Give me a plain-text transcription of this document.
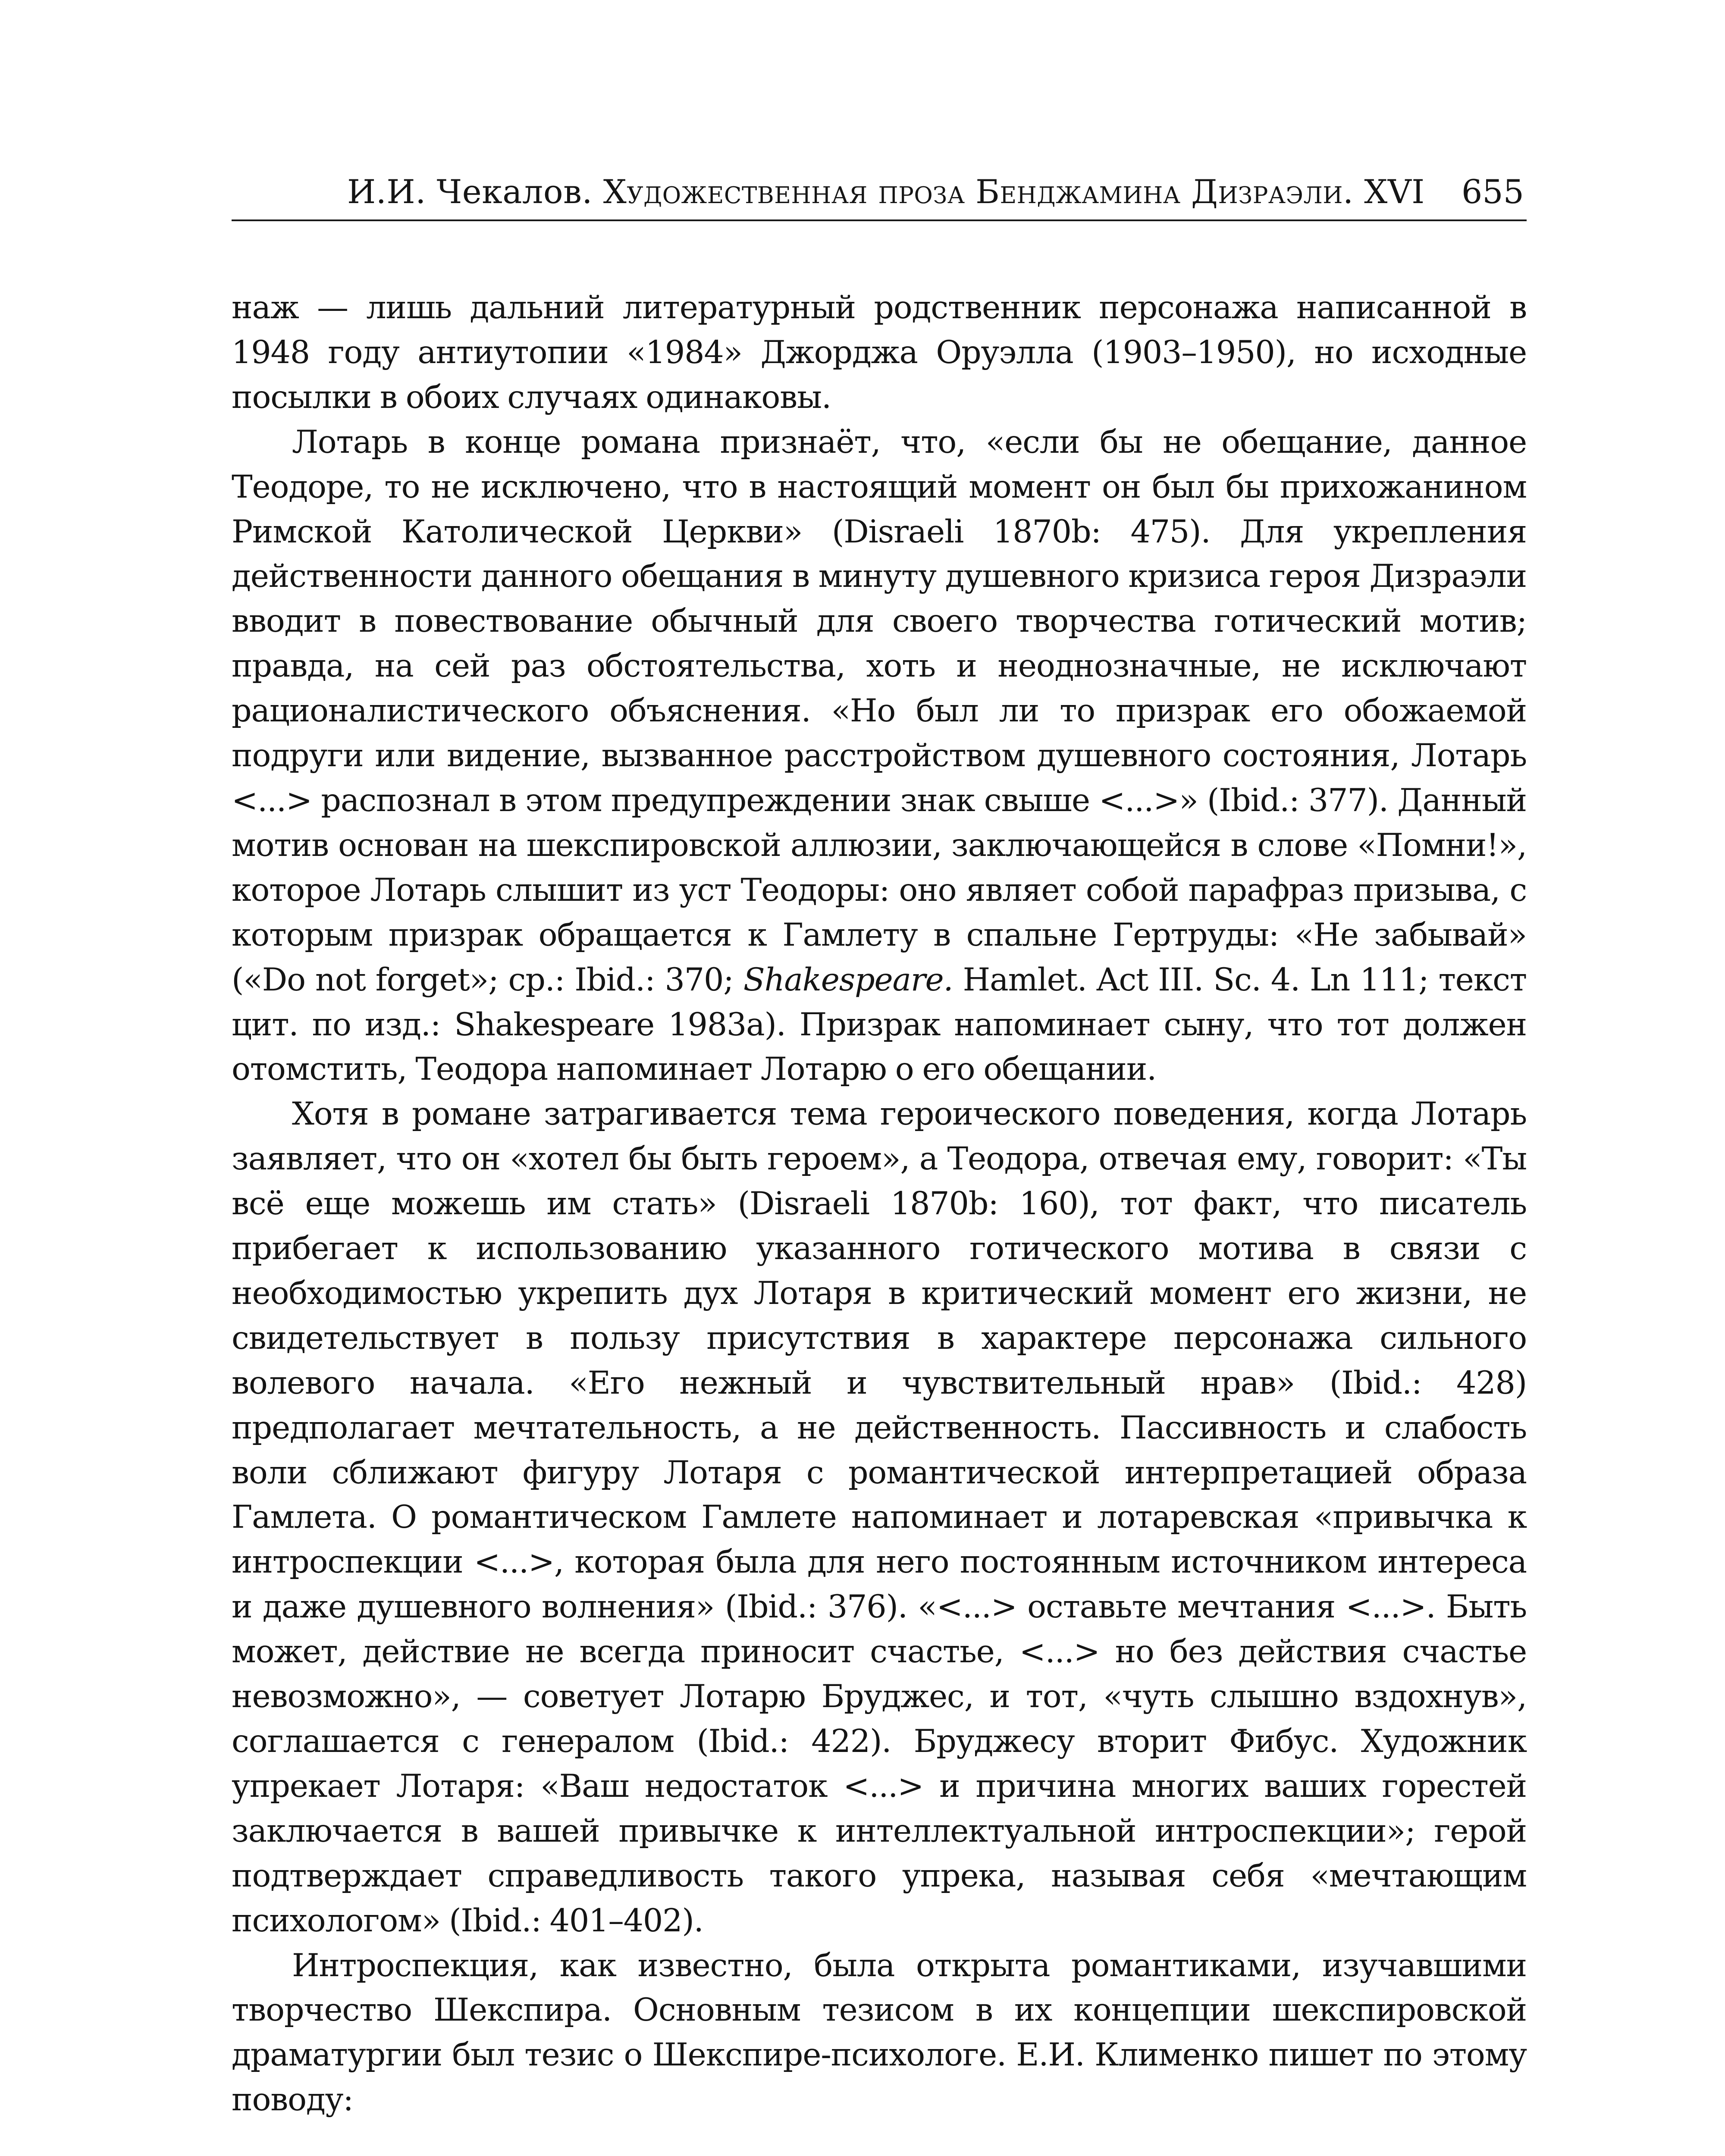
И.И. Чекалов. Художественная проза Бенджамина Дизраэли. XVI 655

наж — лишь дальний литературный родственник персонажа написанной в 1948 году антиутопии «1984» Джорджа Оруэлла (1903–1950), но исходные посылки в обоих случаях одинаковы.

Лотарь в конце романа признаёт, что, «если бы не обещание, данное Теодоре, то не исключено, что в настоящий момент он был бы прихожанином Римской Католической Церкви» (Disraeli 1870b: 475). Для укрепления действенности данного обещания в минуту душевного кризиса героя Дизраэли вводит в повествование обычный для своего творчества готический мотив; правда, на сей раз обстоятельства, хоть и неоднозначные, не исключают рационалистического объяснения. «Но был ли то призрак его обожаемой подруги или видение, вызванное расстройством душевного состояния, Лотарь <...> распознал в этом предупреждении знак свыше <...>» (Ibid.: 377). Данный мотив основан на шекспировской аллюзии, заключающейся в слове «Помни!», которое Лотарь слышит из уст Теодоры: оно являет собой парафраз призыва, с которым призрак обращается к Гамлету в спальне Гертруды: «Не забывай» («Do not forget»; ср.: Ibid.: 370; Shakespeare. Hamlet. Act III. Sc. 4. Ln 111; текст цит. по изд.: Shakespeare 1983a). Призрак напоминает сыну, что тот должен отомстить, Теодора напоминает Лотарю о его обещании.

Хотя в романе затрагивается тема героического поведения, когда Лотарь заявляет, что он «хотел бы быть героем», а Теодора, отвечая ему, говорит: «Ты всё еще можешь им стать» (Disraeli 1870b: 160), тот факт, что писатель прибегает к использованию указанного готического мотива в связи с необходимостью укрепить дух Лотаря в критический момент его жизни, не свидетельствует в пользу присутствия в характере персонажа сильного волевого начала. «Его нежный и чувствительный нрав» (Ibid.: 428) предполагает мечтательность, а не действенность. Пассивность и слабость воли сближают фигуру Лотаря с романтической интерпретацией образа Гамлета. О романтическом Гамлете напоминает и лотаревская «привычка к интроспекции <...>, которая была для него постоянным источником интереса и даже душевного волнения» (Ibid.: 376). «<...> оставьте мечтания <...>. Быть может, действие не всегда приносит счастье, <...> но без действия счастье невозможно», — советует Лотарю Бруджес, и тот, «чуть слышно вздохнув», соглашается с генералом (Ibid.: 422). Бруджесу вторит Фибус. Художник упрекает Лотаря: «Ваш недостаток <...> и причина многих ваших горестей заключается в вашей привычке к интеллектуальной интроспекции»; герой подтверждает справедливость такого упрека, называя себя «мечтающим психологом» (Ibid.: 401–402).

Интроспекция, как известно, была открыта романтиками, изучавшими творчество Шекспира. Основным тезисом в их концепции шекспировской драматургии был тезис о Шекспире-психологе. Е.И. Клименко пишет по этому поводу:
